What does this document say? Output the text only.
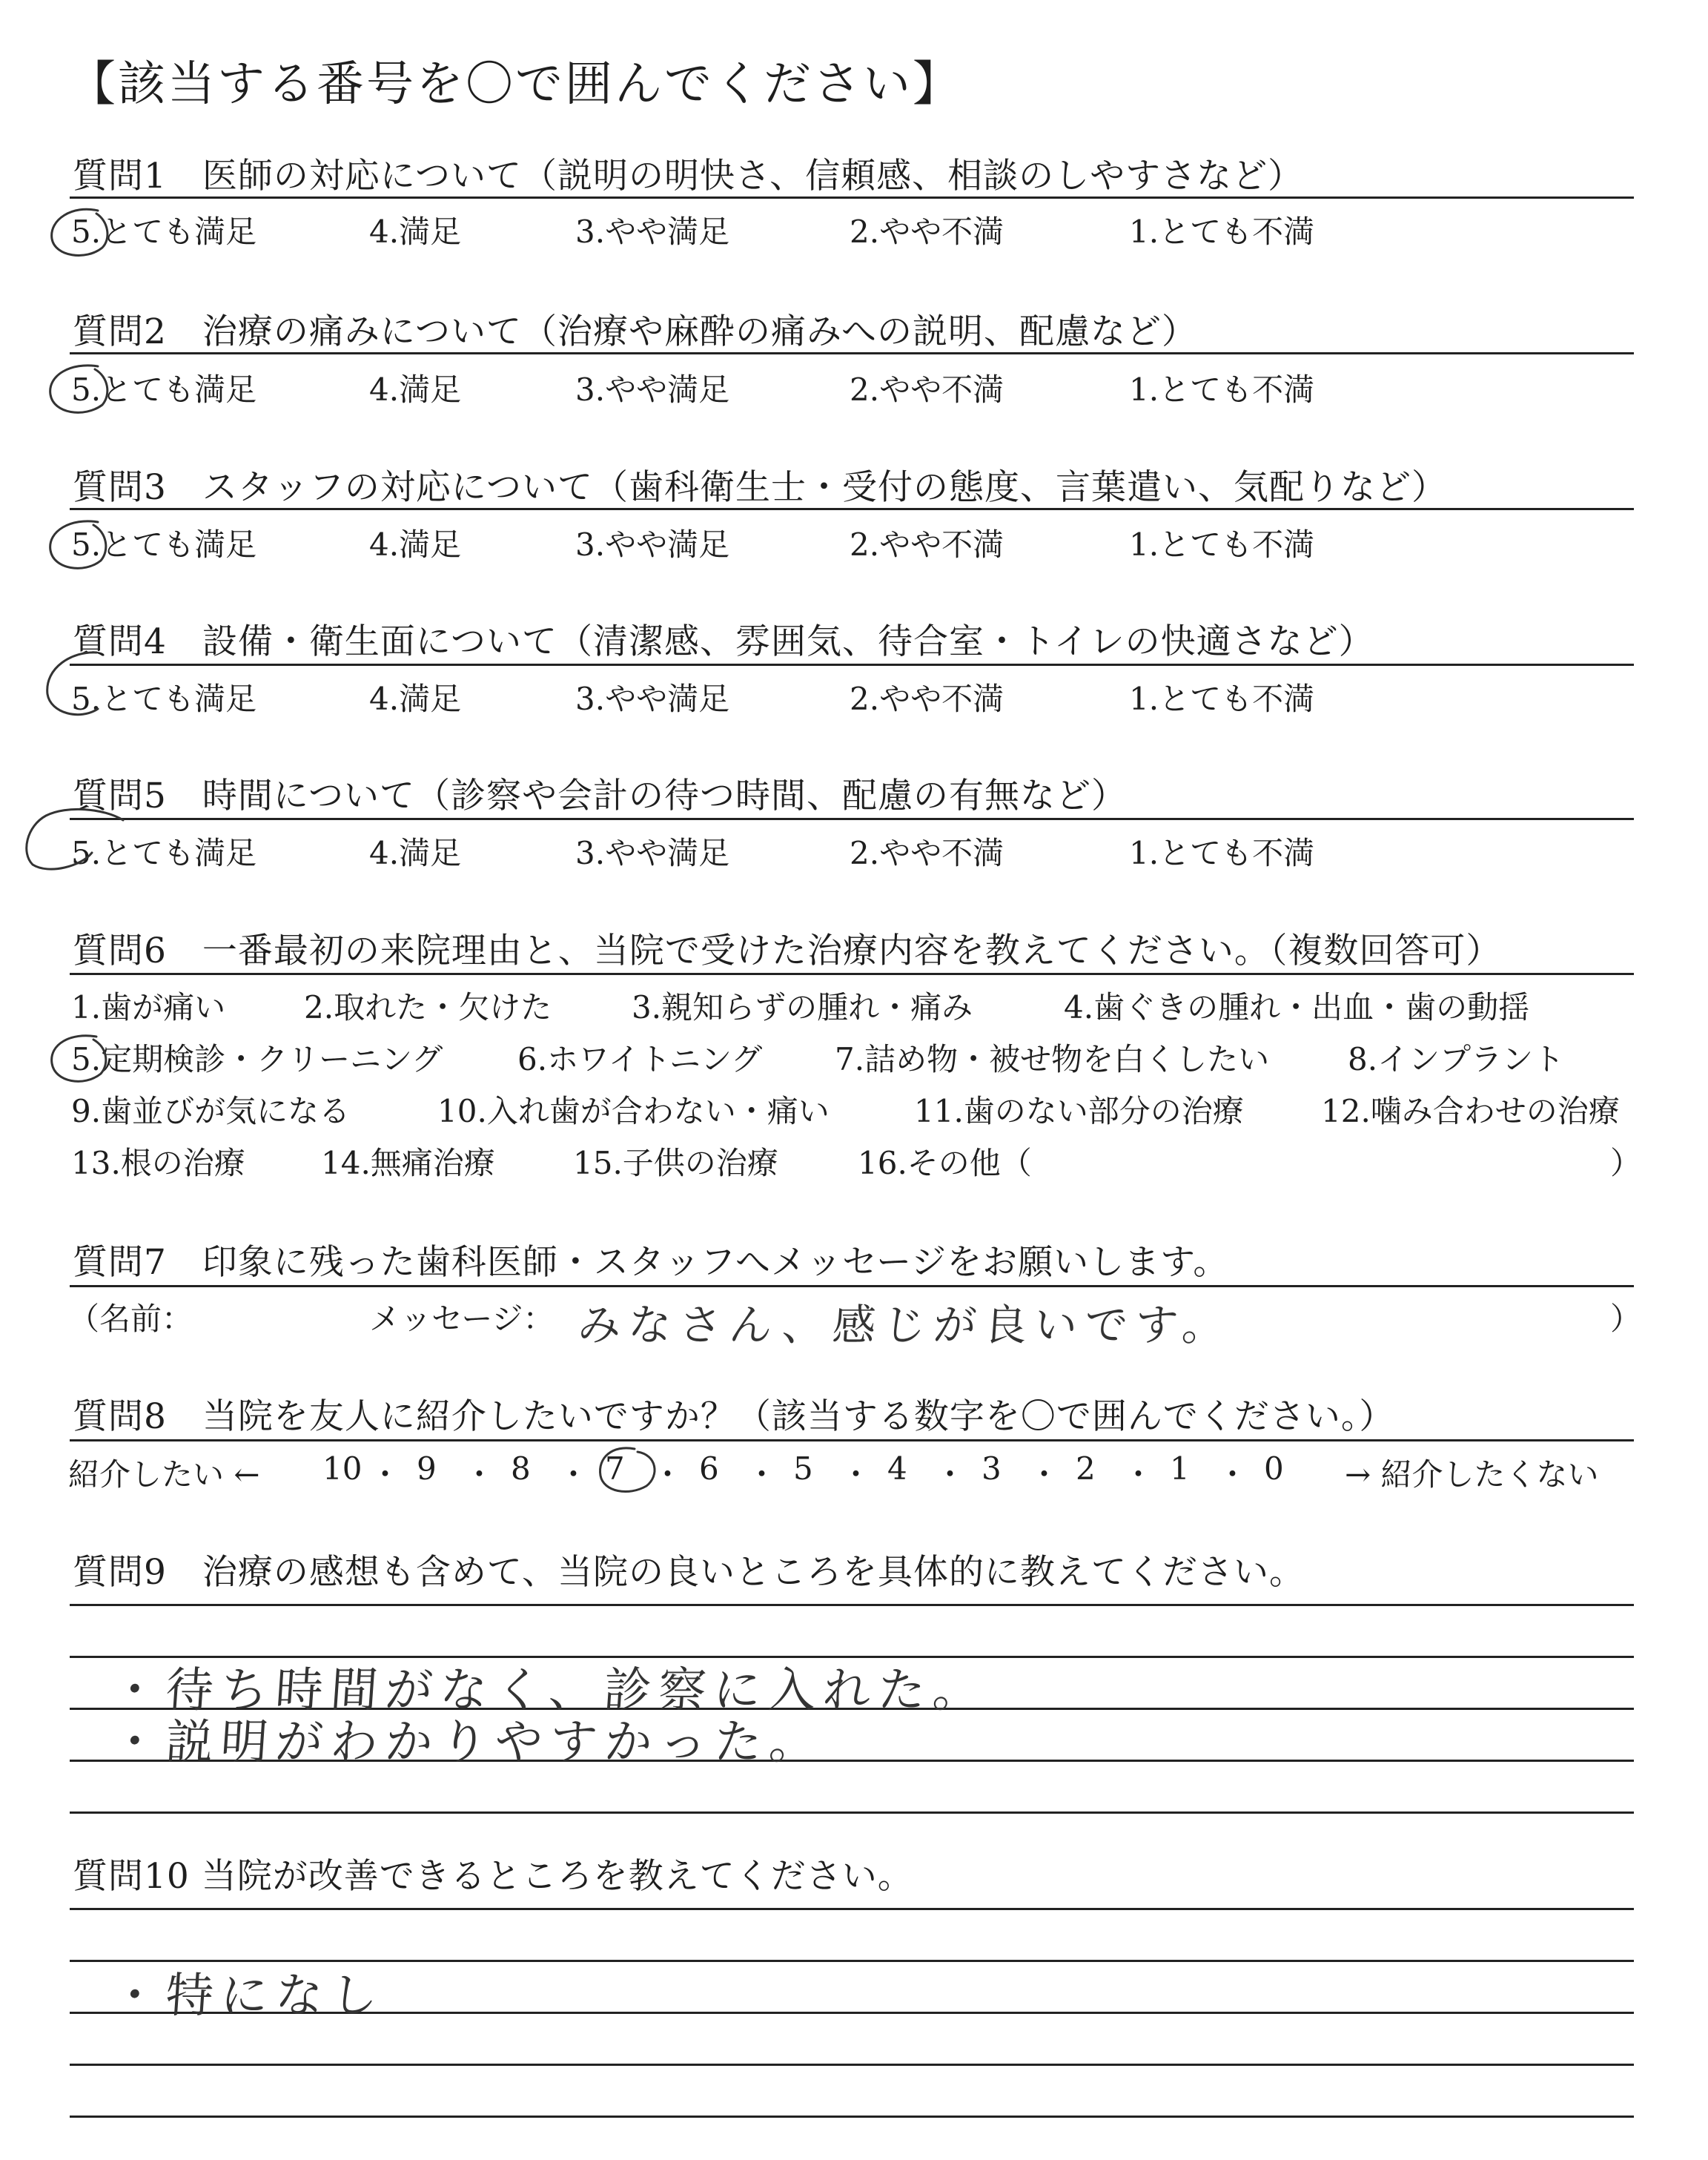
【該当する番号を〇で囲んでください】
質問1　医師の対応について（説明の明快さ、信頼感、相談のしやすさなど）
5.とても満足	4.満足	3.やや満足	2.やや不満	1.とても不満
質問2　治療の痛みについて（治療や麻酔の痛みへの説明、配慮など）
5.とても満足	4.満足	3.やや満足	2.やや不満	1.とても不満
質問3　スタッフの対応について（歯科衛生士・受付の態度、言葉遣い、気配りなど）
5.とても満足	4.満足	3.やや満足	2.やや不満	1.とても不満
質問4　設備・衛生面について（清潔感、雰囲気、待合室・トイレの快適さなど）
5.とても満足	4.満足	3.やや満足	2.やや不満	1.とても不満
質問5　時間について（診察や会計の待つ時間、配慮の有無など）
5.とても満足	4.満足	3.やや満足	2.やや不満	1.とても不満
質問6　一番最初の来院理由と、当院で受けた治療内容を教えてください。（複数回答可）
1.歯が痛い	2.取れた・欠けた	3.親知らずの腫れ・痛み	4.歯ぐきの腫れ・出血・歯の動揺
5.定期検診・クリーニング 6.ホワイトニング 7.詰め物・被せ物を白くしたい	8.インプラント
9.歯並びが気になる	10.入れ歯が合わない・痛い	11.歯のない部分の治療 12.噛み合わせの治療
13.根の治療 14.無痛治療	15.子供の治療	16.その他（	）
質問7　印象に残った歯科医師・スタッフへメッセージをお願いします。
（名前：	メッセージ： みなさん、感じが良いです。	）
質問8　当院を友人に紹介したいですか？（該当する数字を〇で囲んでください。）
紹介したい ← 10 ・ 9 ・ 8 ・ 7 ・ 6 ・ 5 ・ 4 ・ 3 ・ 2 ・ 1 ・ 0 → 紹介したくない
質問9　治療の感想も含めて、当院の良いところを具体的に教えてください。
・待ち時間がなく、診察に入れた。
・説明がわかりやすかった。
質問10 当院が改善できるところを教えてください。
・特になし
